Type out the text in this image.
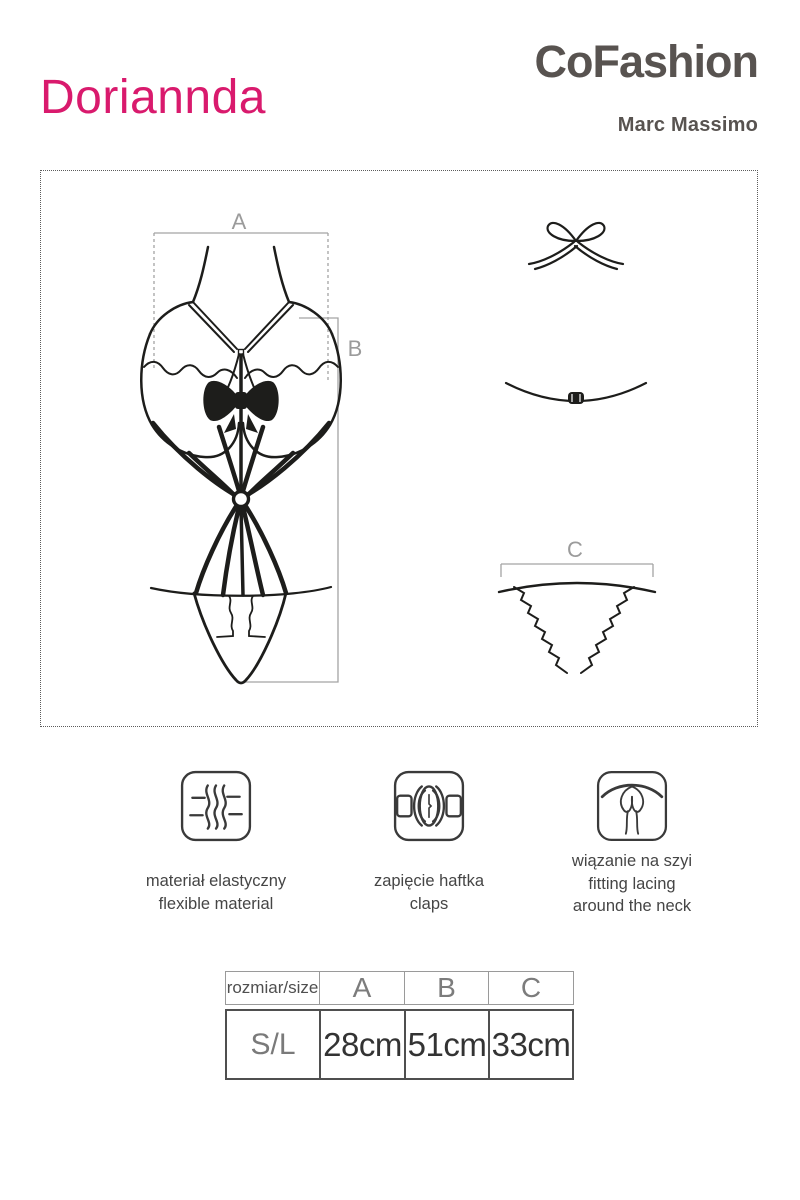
Doriannda
CoFashion
Marc Massimo
A
B
C

materiał elastyczny

flexible material

zapięcie haftka

claps

wiązanie na szyi

fitting lacing

around the neck

rozmiar/size	A	B	C
S/L 28cm 51cm 33cm
